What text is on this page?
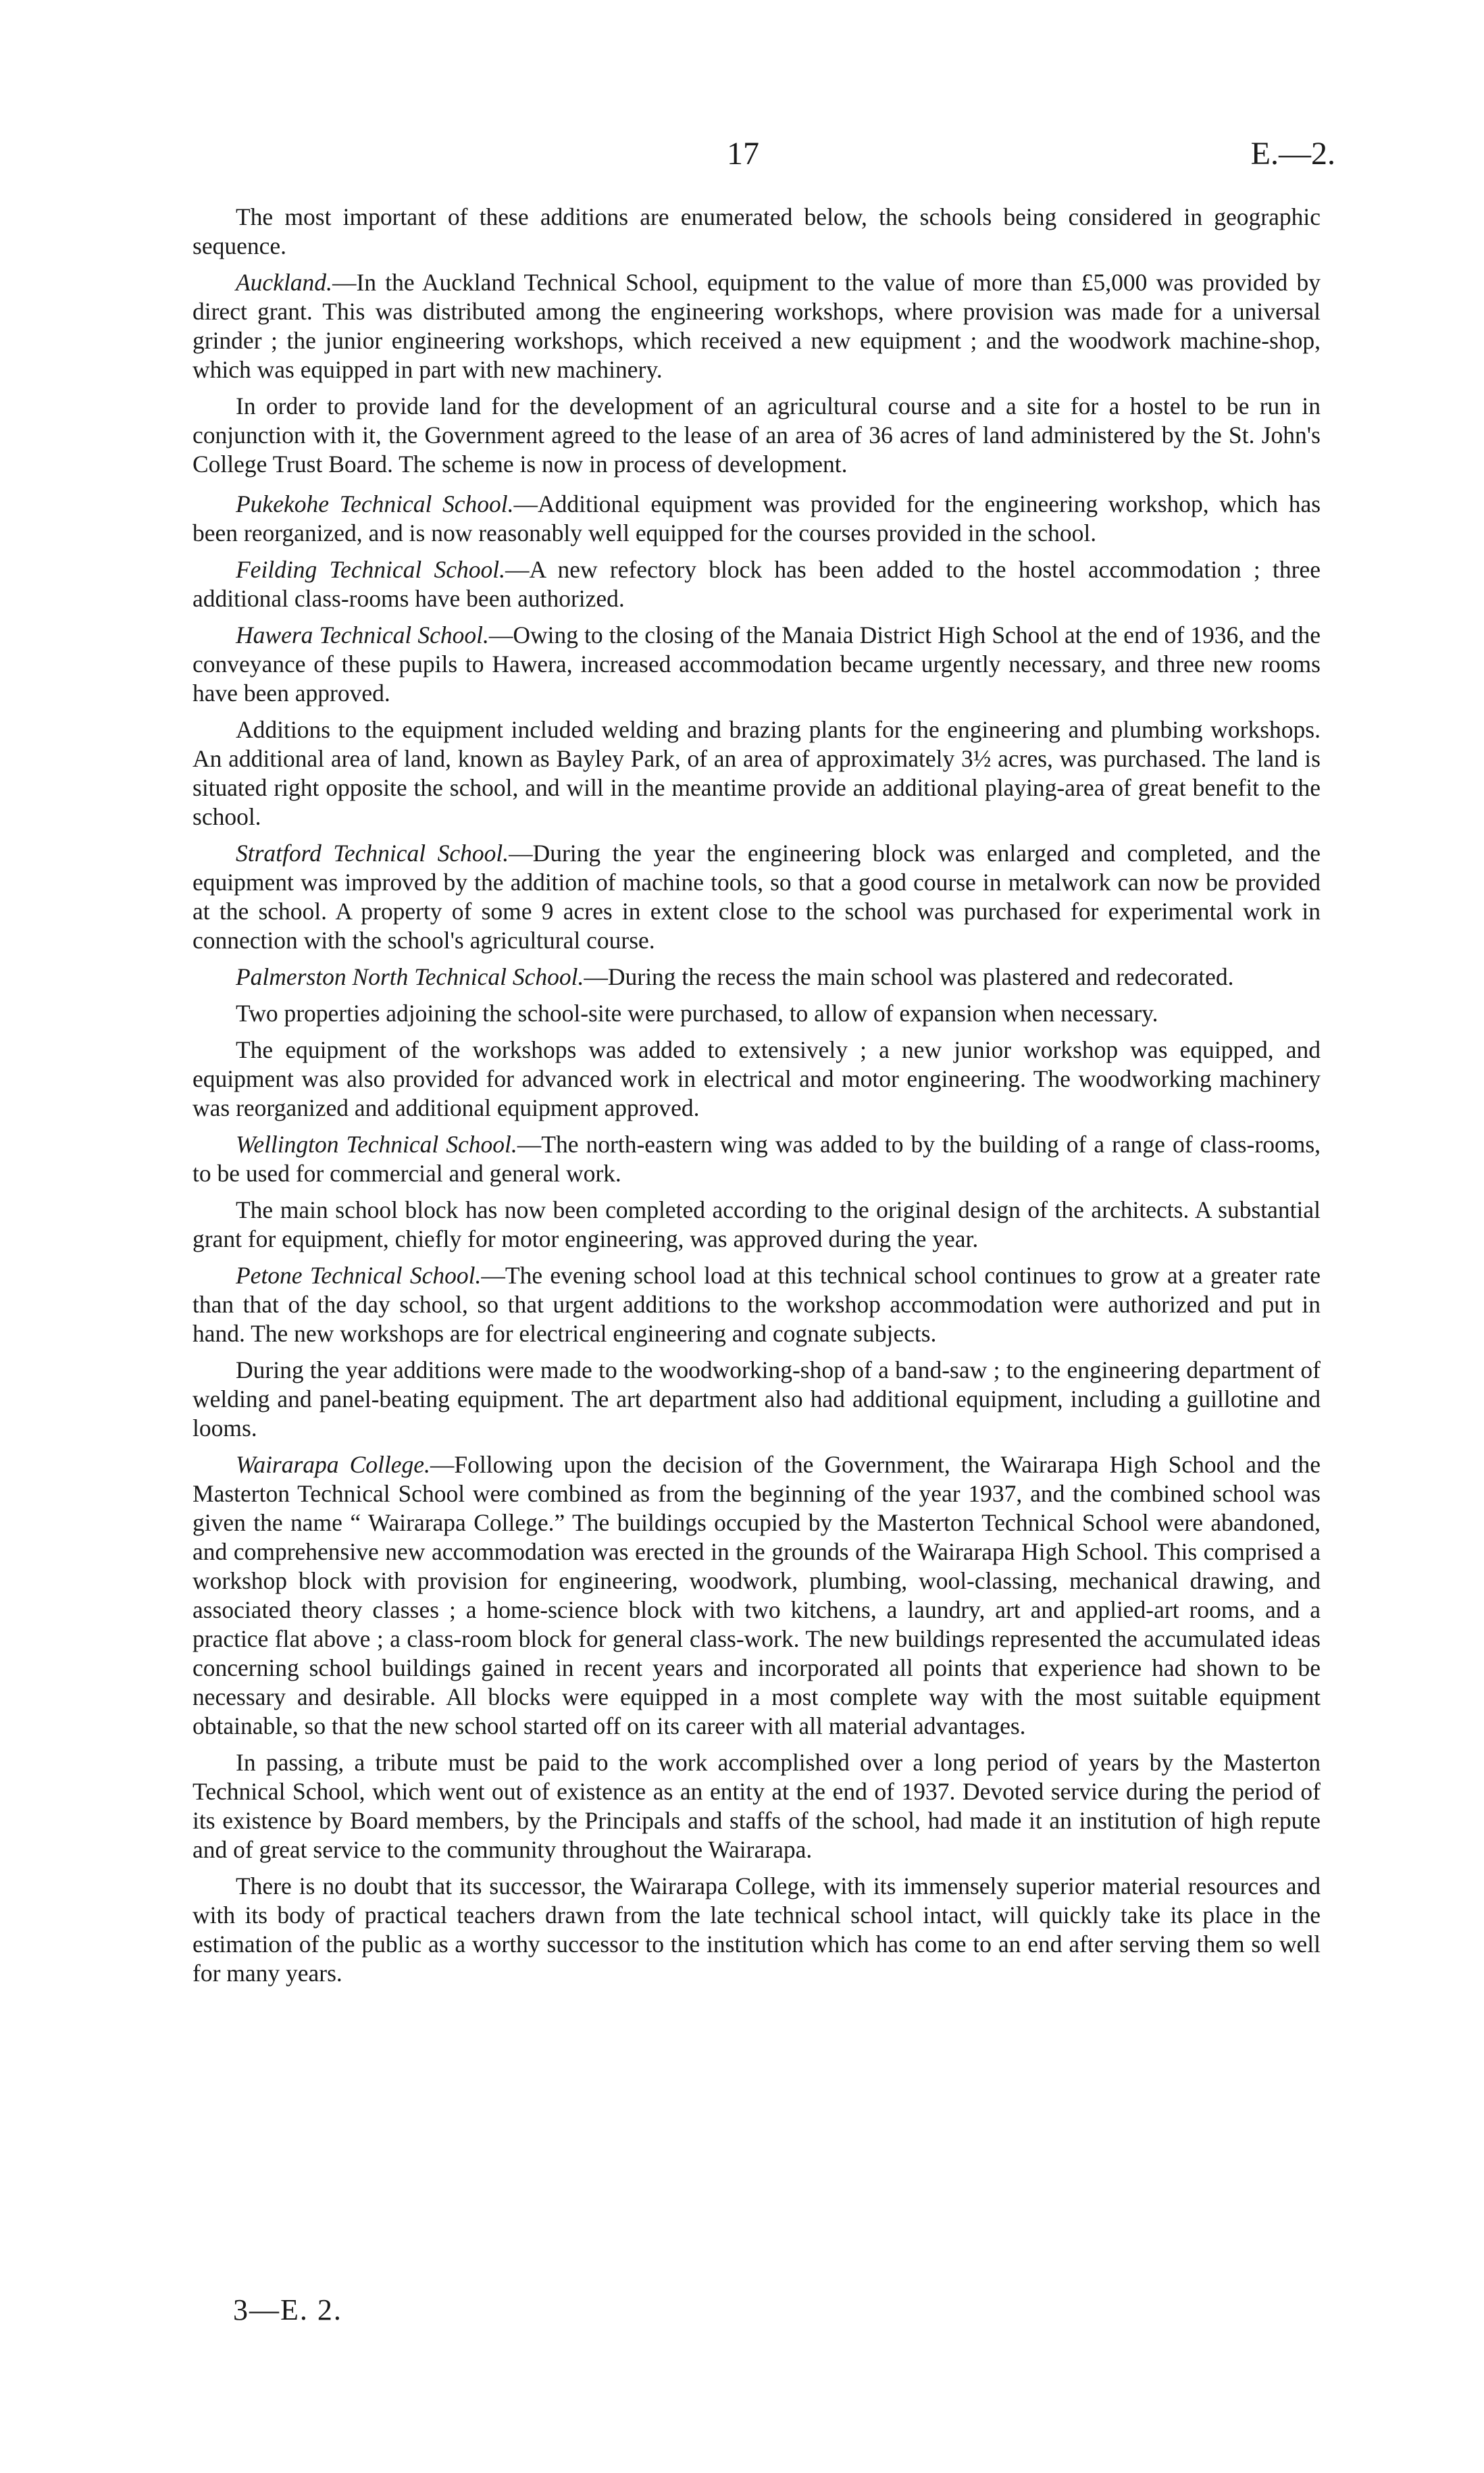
17	E.—2.

The most important of these additions are enumerated below, the schools being considered in geographic sequence.

Auckland.—In the Auckland Technical School, equipment to the value of more than £5,000 was provided by direct grant. This was distributed among the engineering workshops, where provision was made for a universal grinder ; the junior engineering workshops, which received a new equipment ; and the woodwork machine-shop, which was equipped in part with new machinery.

In order to provide land for the development of an agricultural course and a site for a hostel to be run in conjunction with it, the Government agreed to the lease of an area of 36 acres of land administered by the St. John's College Trust Board. The scheme is now in process of development.

Pukekohe Technical School.—Additional equipment was provided for the engineering workshop, which has been reorganized, and is now reasonably well equipped for the courses provided in the school.

Feilding Technical School.—A new refectory block has been added to the hostel accommodation ; three additional class-rooms have been authorized.

Hawera Technical School.—Owing to the closing of the Manaia District High School at the end of 1936, and the conveyance of these pupils to Hawera, increased accommodation became urgently necessary, and three new rooms have been approved.

Additions to the equipment included welding and brazing plants for the engineering and plumbing workshops. An additional area of land, known as Bayley Park, of an area of approximately 3½ acres, was purchased. The land is situated right opposite the school, and will in the meantime provide an additional playing-area of great benefit to the school.

Stratford Technical School.—During the year the engineering block was enlarged and completed, and the equipment was improved by the addition of machine tools, so that a good course in metalwork can now be provided at the school. A property of some 9 acres in extent close to the school was purchased for experimental work in connection with the school's agricultural course.

Palmerston North Technical School.—During the recess the main school was plastered and redecorated.

Two properties adjoining the school-site were purchased, to allow of expansion when necessary.

The equipment of the workshops was added to extensively ; a new junior workshop was equipped, and equipment was also provided for advanced work in electrical and motor engineering. The woodworking machinery was reorganized and additional equipment approved.

Wellington Technical School.—The north-eastern wing was added to by the building of a range of class-rooms, to be used for commercial and general work.

The main school block has now been completed according to the original design of the architects. A substantial grant for equipment, chiefly for motor engineering, was approved during the year.

Petone Technical School.—The evening school load at this technical school continues to grow at a greater rate than that of the day school, so that urgent additions to the workshop accommodation were authorized and put in hand. The new workshops are for electrical engineering and cognate subjects.

During the year additions were made to the woodworking-shop of a band-saw ; to the engineering department of welding and panel-beating equipment. The art department also had additional equipment, including a guillotine and looms.

Wairarapa College.—Following upon the decision of the Government, the Wairarapa High School and the Masterton Technical School were combined as from the beginning of the year 1937, and the combined school was given the name “ Wairarapa College.” The buildings occupied by the Masterton Technical School were abandoned, and comprehensive new accommodation was erected in the grounds of the Wairarapa High School. This comprised a workshop block with provision for engineering, woodwork, plumbing, wool-classing, mechanical drawing, and associated theory classes ; a home-science block with two kitchens, a laundry, art and applied-art rooms, and a practice flat above ; a class-room block for general class-work. The new buildings represented the accumulated ideas concerning school buildings gained in recent years and incorporated all points that experience had shown to be necessary and desirable. All blocks were equipped in a most complete way with the most suitable equipment obtainable, so that the new school started off on its career with all material advantages.

In passing, a tribute must be paid to the work accomplished over a long period of years by the Masterton Technical School, which went out of existence as an entity at the end of 1937. Devoted service during the period of its existence by Board members, by the Principals and staffs of the school, had made it an institution of high repute and of great service to the community throughout the Wairarapa.

There is no doubt that its successor, the Wairarapa College, with its immensely superior material resources and with its body of practical teachers drawn from the late technical school intact, will quickly take its place in the estimation of the public as a worthy successor to the institution which has come to an end after serving them so well for many years.

3—E. 2.
